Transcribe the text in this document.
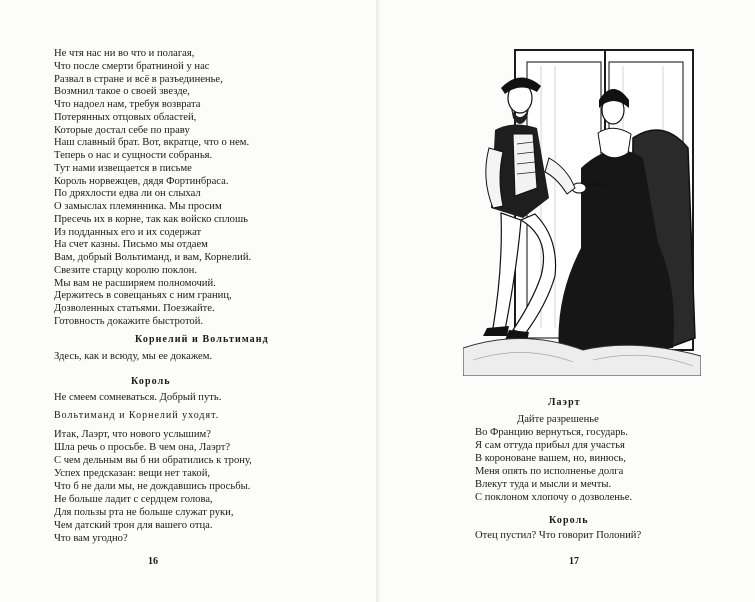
Не чтя нас ни во что и полагая,
Что после смерти братниной у нас
Развал в стране и всё в разъединенье,
Возмнил такое о своей звезде,
Что надоел нам, требуя возврата
Потерянных отцовых областей,
Которые достал себе по праву
Наш славный брат. Вот, вкратце, что о нем.
Теперь о нас и сущности собранья.
Тут нами извещается в письме
Король норвежцев, дядя Фортинбраса.
По дряхлости едва ли он слыхал
О замыслах племянника. Мы просим
Пресечь их в корне, так как войско сплошь
Из подданных его и их содержат
На счет казны. Письмо мы отдаем
Вам, добрый Вольтиманд, и вам, Корнелий.
Свезите старцу королю поклон.
Мы вам не расширяем полномочий.
Держитесь в совещаньях с ним границ,
Дозволенных статьями. Поезжайте.
Готовность докажите быстротой.
Корнелий и Вольтиманд
Здесь, как и всюду, мы ее докажем.
Король
Не смеем сомневаться. Добрый путь.
Вольтиманд и Корнелий уходят.
Итак, Лаэрт, что нового услышим?
Шла речь о просьбе. В чем она, Лаэрт?
С чем дельным вы б ни обратились к трону,
Успех предсказан: вещи нет такой,
Что б не дали мы, не дождавшись просьбы.
Не больше ладит с сердцем голова,
Для пользы рта не больше служат руки,
Чем датский трон для вашего отца.
Что вам угодно?
16
Лаэрт
Дайте разрешенье
Во Францию вернуться, государь.
Я сам оттуда прибыл для участья
В короноване вашем, но, винюсь,
Меня опять по исполненье долга
Влекут туда и мысли и мечты.
С поклоном хлопочу о дозволенье.
Король
Отец пустил? Что говорит Полоний?
17
